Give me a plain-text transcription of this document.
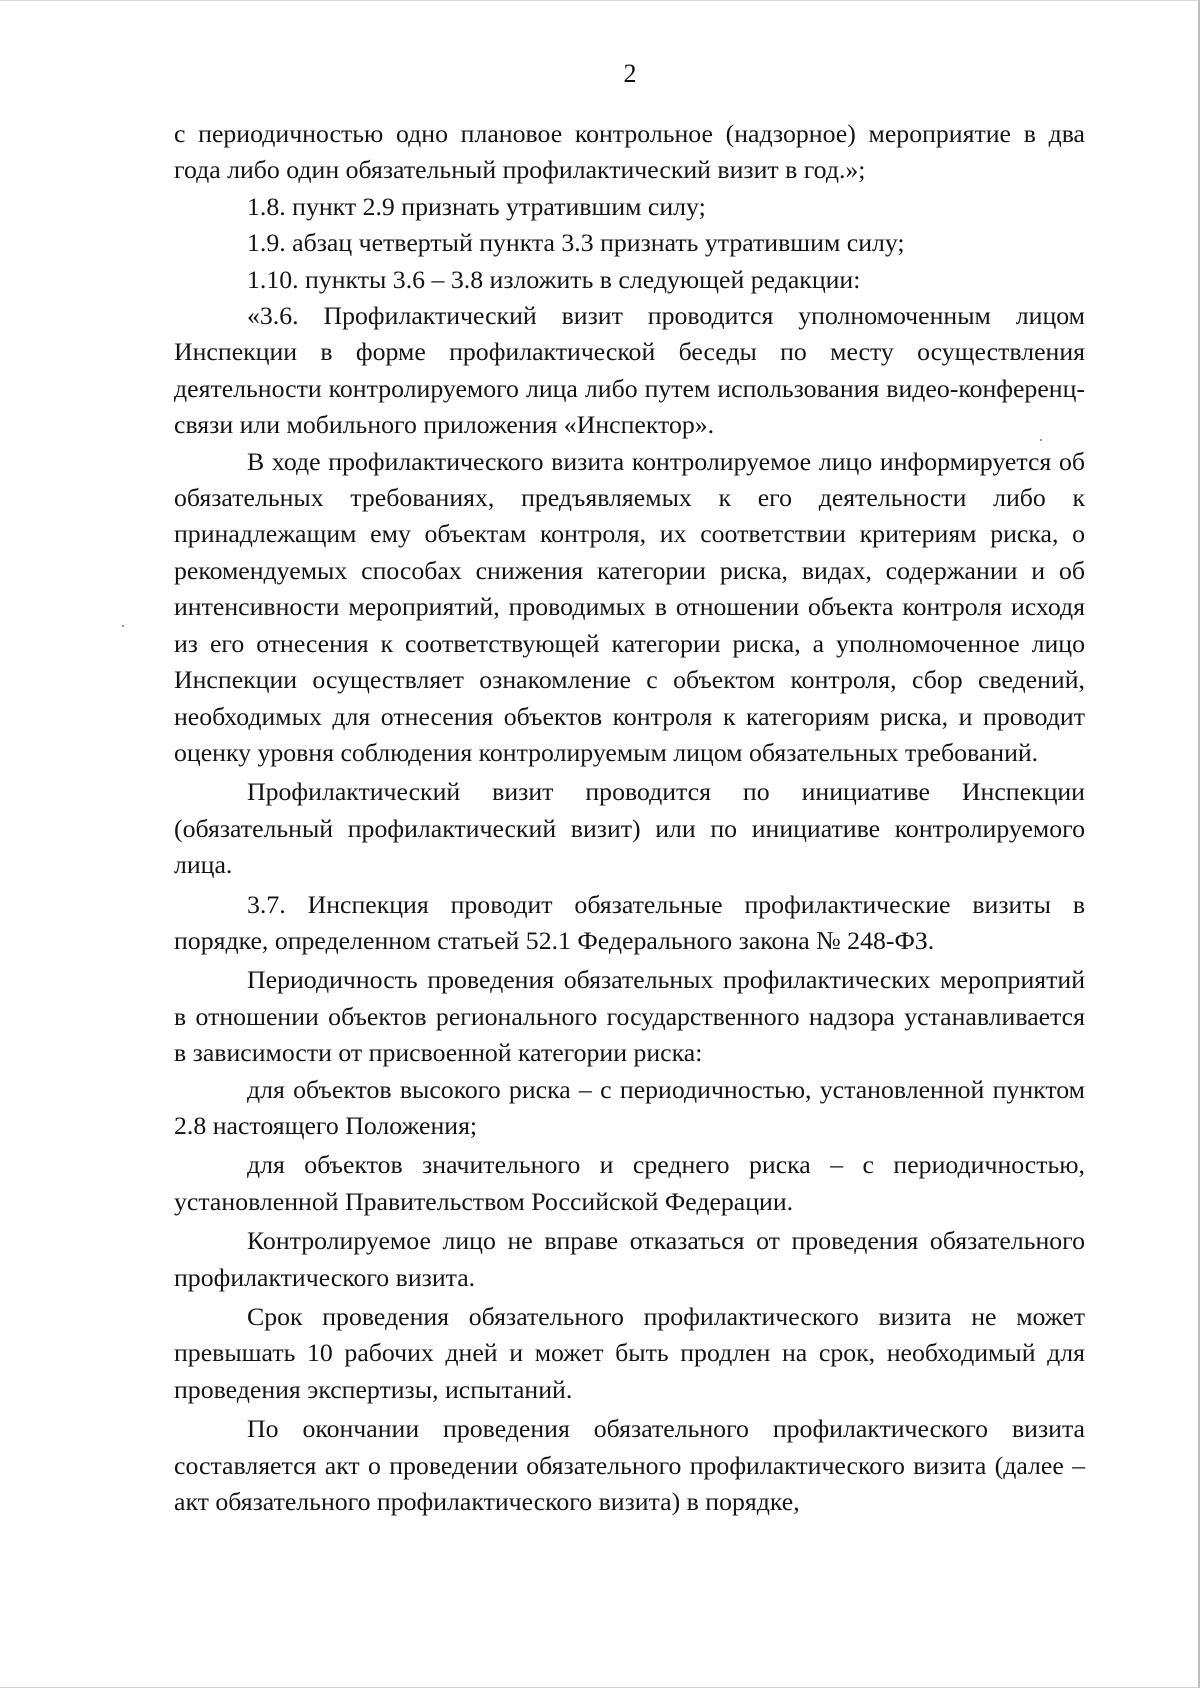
2

с периодичностью одно плановое контрольное (надзорное) мероприятие в два года либо один обязательный профилактический визит в год.»;

1.8. пункт 2.9 признать утратившим силу;

1.9. абзац четвертый пункта 3.3 признать утратившим силу;

1.10. пункты 3.6 – 3.8 изложить в следующей редакции:

«3.6. Профилактический визит проводится уполномоченным лицом Инспекции в форме профилактической беседы по месту осуществления деятельности контролируемого лица либо путем использования видео-конференц-связи или мобильного приложения «Инспектор».

В ходе профилактического визита контролируемое лицо информируется об обязательных требованиях, предъявляемых к его деятельности либо к принадлежащим ему объектам контроля, их соответствии критериям риска, о рекомендуемых способах снижения категории риска, видах, содержании и об интенсивности мероприятий, проводимых в отношении объекта контроля исходя из его отнесения к соответствующей категории риска, а уполномоченное лицо Инспекции осуществляет ознакомление с объектом контроля, сбор сведений, необходимых для отнесения объектов контроля к категориям риска, и проводит оценку уровня соблюдения контролируемым лицом обязательных требований.

Профилактический визит проводится по инициативе Инспекции (обязательный профилактический визит) или по инициативе контролируемого лица.

3.7. Инспекция проводит обязательные профилактические визиты в порядке, определенном статьей 52.1 Федерального закона № 248-ФЗ.

Периодичность проведения обязательных профилактических мероприятий в отношении объектов регионального государственного надзора устанавливается в зависимости от присвоенной категории риска:

для объектов высокого риска – с периодичностью, установленной пунктом 2.8 настоящего Положения;

для объектов значительного и среднего риска – с периодичностью, установленной Правительством Российской Федерации.

Контролируемое лицо не вправе отказаться от проведения обязательного профилактического визита.

Срок проведения обязательного профилактического визита не может превышать 10 рабочих дней и может быть продлен на срок, необходимый для проведения экспертизы, испытаний.

По окончании проведения обязательного профилактического визита составляется акт о проведении обязательного профилактического визита (далее – акт обязательного профилактического визита) в порядке,
